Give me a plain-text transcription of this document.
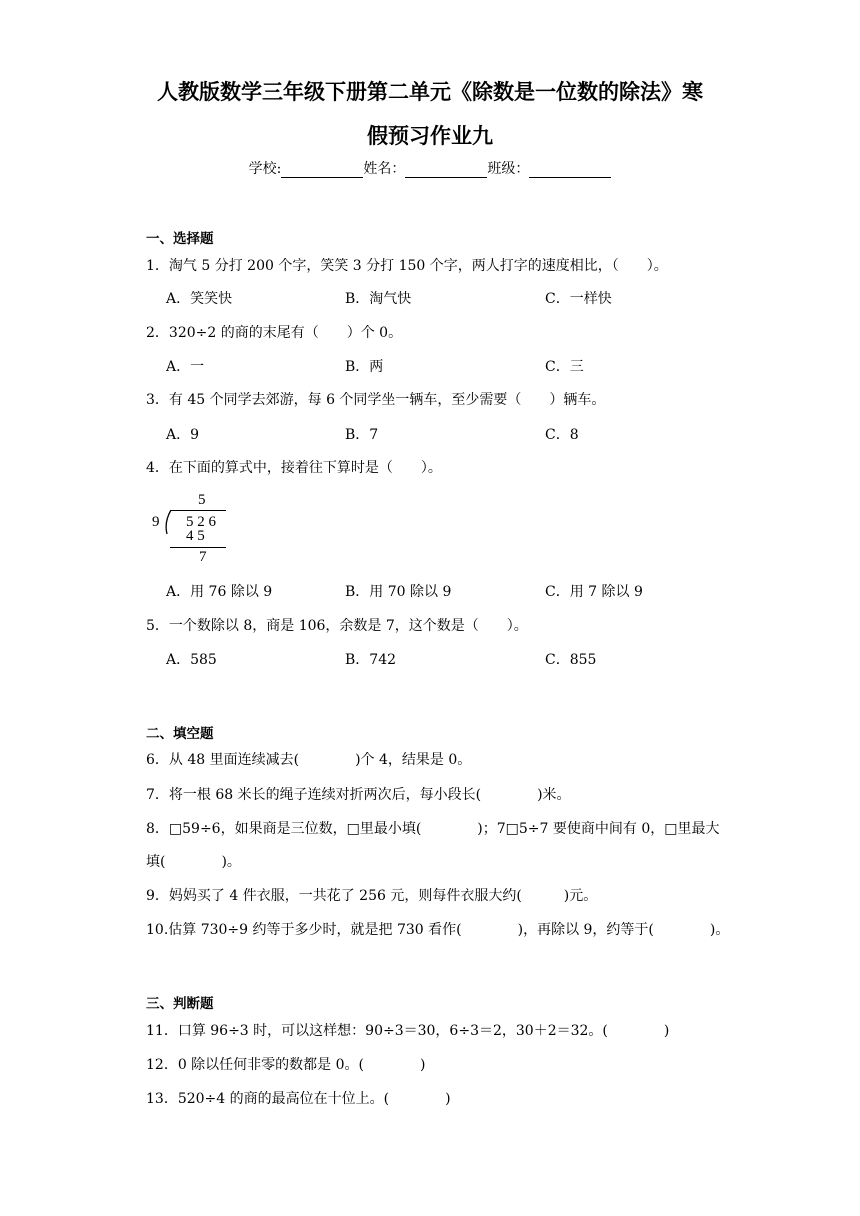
人教版数学三年级下册第二单元《除数是一位数的除法》寒
假预习作业九
学校:	姓名：	班级：
一、选择题
1．淘气 5 分打 200 个字，笑笑 3 分打 150 个字，两人打字的速度相比，（　　）。
A．笑笑快	B．淘气快	C．一样快
2．320÷2 的商的末尾有（　　）个 0。
A．一	B．两	C．三
3．有 45 个同学去郊游，每 6 个同学坐一辆车，至少需要（　　）辆车。
A．9	B．7	C．8
4．在下面的算式中，接着往下算时是（　　）。
5
9 5 2 6
4 5
7
A．用 76 除以 9	B．用 70 除以 9	C．用 7 除以 9
5．一个数除以 8，商是 106，余数是 7，这个数是（　　）。
A．585	B．742	C．855
二、填空题
6．从 48 里面连续减去(　　　　)个 4，结果是 0。
7．将一根 68 米长的绳子连续对折两次后，每小段长(　　　　)米。
8．□59÷6，如果商是三位数，□里最小填(　　　　)；7□5÷7 要使商中间有 0，□里最大
填(　　　　)。
9．妈妈买了 4 件衣服，一共花了 256 元，则每件衣服大约(　　　)元。
10.估算 730÷9 约等于多少时，就是把 730 看作(　　　　)，再除以 9，约等于(　　　　)。
三、判断题
11．口算 96÷3 时，可以这样想：90÷3＝30，6÷3＝2，30＋2＝32。(　　　　)
12．0 除以任何非零的数都是 0。(　　　　)
13．520÷4 的商的最高位在十位上。(　　　　)
